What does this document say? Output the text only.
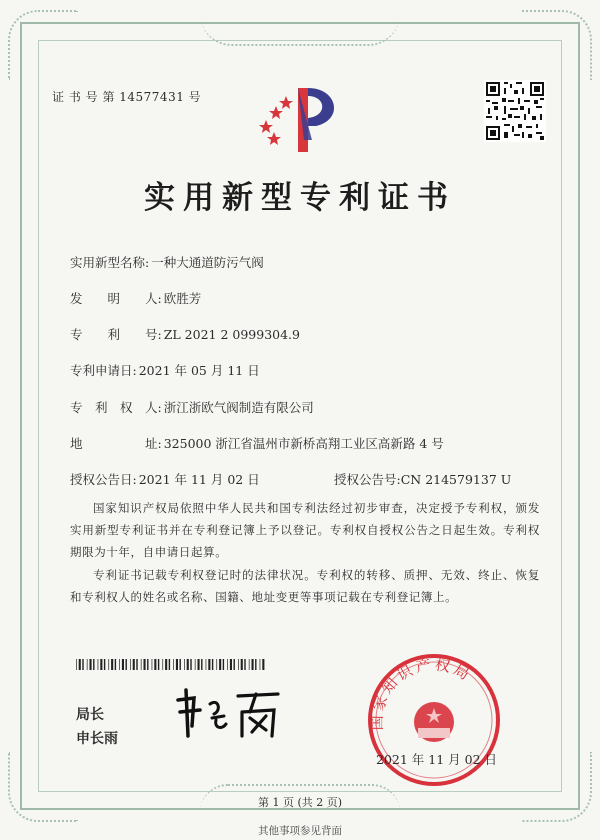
证 书 号 第 14577431 号
实用新型专利证书
实用新型名称: 一种大通道防污气阀
发　　明　　人: 欧胜芳
专　　利　　号: ZL 2021 2 0999304.9
专利申请日: 2021 年 05 月 11 日
专　利　权　人: 浙江浙欧气阀制造有限公司
地　　　　　址: 325000 浙江省温州市新桥高翔工业区高新路 4 号
授权公告日: 2021 年 11 月 02 日	授权公告号:CN 214579137 U
国家知识产权局依照中华人民共和国专利法经过初步审查，决定授予专利权，颁发实用新型专利证书并在专利登记簿上予以登记。专利权自授权公告之日起生效。专利权期限为十年，自申请日起算。
专利证书记载专利权登记时的法律状况。专利权的转移、质押、无效、终止、恢复和专利权人的姓名或名称、国籍、地址变更等事项记载在专利登记簿上。
局长
申长雨
国家知识产权局
2021 年 11 月 02 日
第 1 页 (共 2 页)
其他事项参见背面
